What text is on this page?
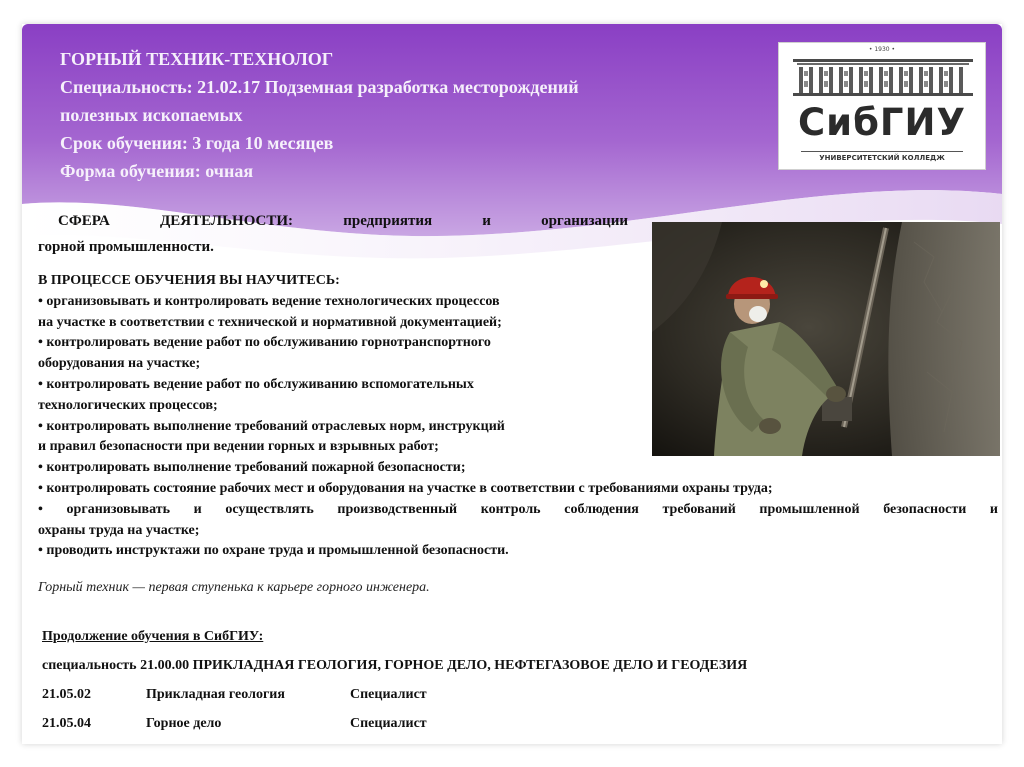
ГОРНЫЙ ТЕХНИК-ТЕХНОЛОГ
Специальность: 21.02.17 Подземная разработка месторождений
полезных ископаемых
Срок обучения: 3 года 10 месяцев
Форма обучения: очная
• 1930 •
СибГИУ
УНИВЕРСИТЕТСКИЙ КОЛЛЕДЖ
СФЕРА ДЕЯТЕЛЬНОСТИ: предприятия и организации
горной промышленности.
В ПРОЦЕССЕ ОБУЧЕНИЯ ВЫ НАУЧИТЕСЬ:
• организовывать и контролировать ведение технологических процессов
на участке в соответствии с технической и нормативной документацией;
• контролировать ведение работ по обслуживанию горнотранспортного
оборудования на участке;
• контролировать ведение работ по обслуживанию вспомогательных
технологических процессов;
• контролировать выполнение требований отраслевых норм, инструкций
и правил безопасности при ведении горных и взрывных работ;
• контролировать выполнение требований пожарной безопасности;
• контролировать состояние рабочих мест и оборудования на участке в соответствии с требованиями охраны труда;
• организовывать и осуществлять производственный контроль соблюдения требований промышленной безопасности и
охраны труда на участке;
• проводить инструктажи по охране труда и промышленной безопасности.
Горный техник — первая ступенька к карьере горного инженера.
Продолжение обучения в СибГИУ:
специальность 21.00.00 ПРИКЛАДНАЯ ГЕОЛОГИЯ, ГОРНОЕ ДЕЛО, НЕФТЕГАЗОВОЕ ДЕЛО И ГЕОДЕЗИЯ
21.05.02	Прикладная геология	Специалист
21.05.04	Горное дело	Специалист
